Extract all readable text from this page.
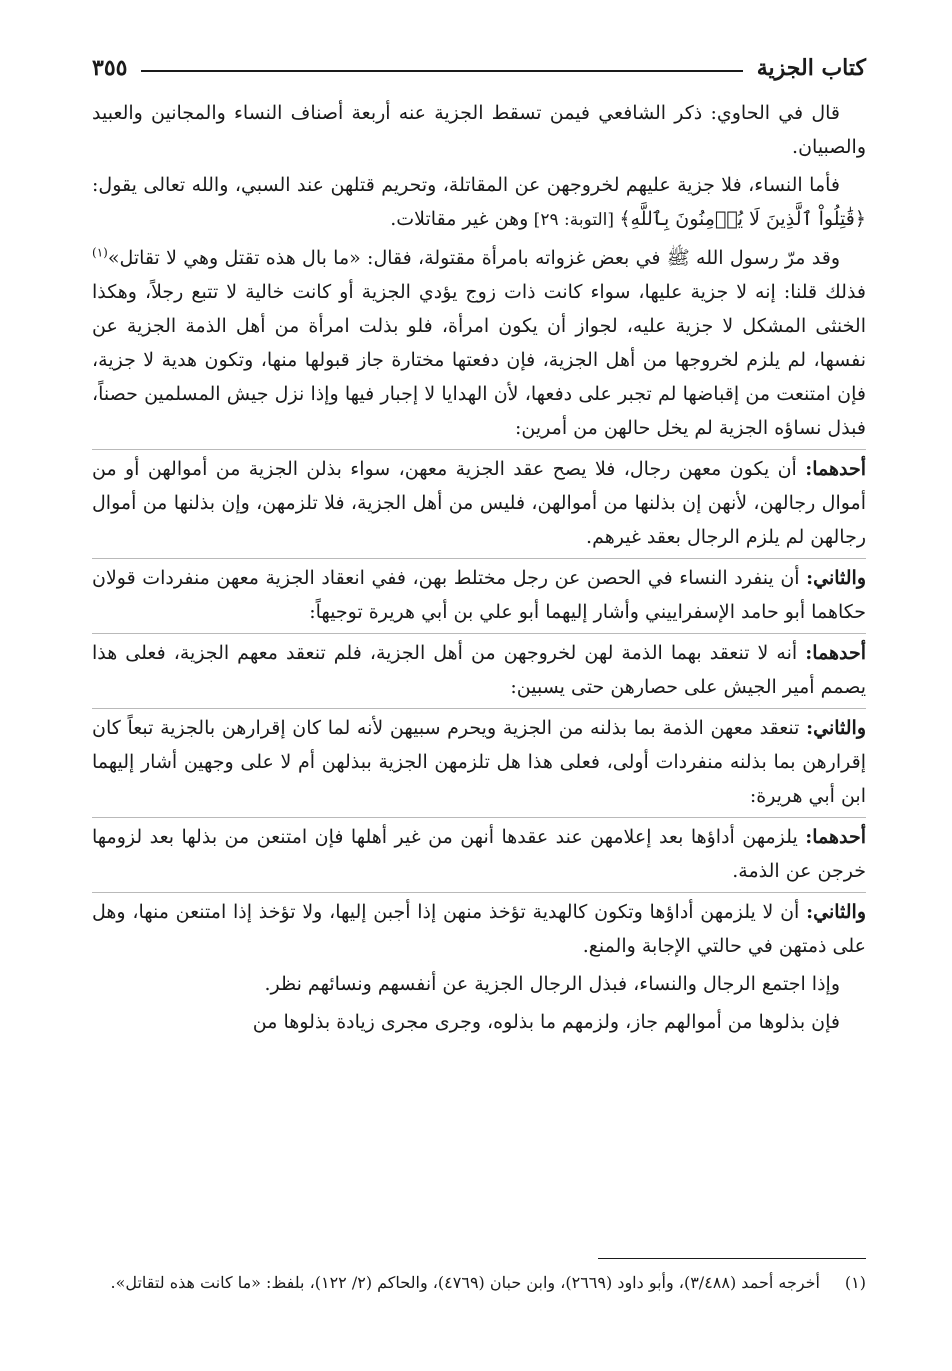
كتاب الجزية
٣٥٥

قال في الحاوي: ذكر الشافعي فيمن تسقط الجزية عنه أربعة أصناف النساء والمجانين والعبيد والصبيان.

فأما النساء، فلا جزية عليهم لخروجهن عن المقاتلة، وتحريم قتلهن عند السبي، والله تعالى يقول: ﴿قَٰتِلُواْ ٱلَّذِينَ لَا يُؤۡمِنُونَ بِٱللَّهِ﴾ [التوبة: ٢٩] وهن غير مقاتلات.

وقد مرّ رسول الله ﷺ في بعض غزواته بامرأة مقتولة، فقال: «ما بال هذه تقتل وهي لا تقاتل»$^{(١)}$ فذلك قلنا: إنه لا جزية عليها، سواء كانت ذات زوج يؤدي الجزية أو كانت خالية لا تتبع رجلاً، وهكذا الخنثى المشكل لا جزية عليه، لجواز أن يكون امرأة، فلو بذلت امرأة من أهل الذمة الجزية عن نفسها، لم يلزم لخروجها من أهل الجزية، فإن دفعتها مختارة جاز قبولها منها، وتكون هدية لا جزية، فإن امتنعت من إقباضها لم تجبر على دفعها، لأن الهدايا لا إجبار فيها وإذا نزل جيش المسلمين حصناً، فبذل نساؤه الجزية لم يخل حالهن من أمرين:

أحدهما: أن يكون معهن رجال، فلا يصح عقد الجزية معهن، سواء بذلن الجزية من أموالهن أو من أموال رجالهن، لأنهن إن بذلنها من أموالهن، فليس من أهل الجزية، فلا تلزمهن، وإن بذلنها من أموال رجالهن لم يلزم الرجال بعقد غيرهم.

والثاني: أن ينفرد النساء في الحصن عن رجل مختلط بهن، ففي انعقاد الجزية معهن منفردات قولان حكاهما أبو حامد الإسفراييني وأشار إليهما أبو علي بن أبي هريرة توجيهاً:

أحدهما: أنه لا تنعقد بهما الذمة لهن لخروجهن من أهل الجزية، فلم تنعقد معهم الجزية، فعلى هذا يصمم أمير الجيش على حصارهن حتى يسبين:

والثاني: تنعقد معهن الذمة بما بذلنه من الجزية ويحرم سبيهن لأنه لما كان إقرارهن بالجزية تبعاً كان إقرارهن بما بذلنه منفردات أولى، فعلى هذا هل تلزمهن الجزية ببذلهن أم لا على وجهين أشار إليهما ابن أبي هريرة:

أحدهما: يلزمهن أداؤها بعد إعلامهن عند عقدها أنهن من غير أهلها فإن امتنعن من بذلها بعد لزومها خرجن عن الذمة.

والثاني: أن لا يلزمهن أداؤها وتكون كالهدية تؤخذ منهن إذا أجبن إليها، ولا تؤخذ إذا امتنعن منها، وهل على ذمتهن في حالتي الإجابة والمنع.

وإذا اجتمع الرجال والنساء، فبذل الرجال الجزية عن أنفسهم ونسائهم نظر.

فإن بذلوها من أموالهم جاز، ولزمهم ما بذلوه، وجرى مجرى زيادة بذلوها من

(١)
أخرجه أحمد (٣/٤٨٨)، وأبو داود (٢٦٦٩)، وابن حبان (٤٧٦٩)، والحاكم (٢/ ١٢٢)، بلفظ: «ما كانت هذه لتقاتل».
